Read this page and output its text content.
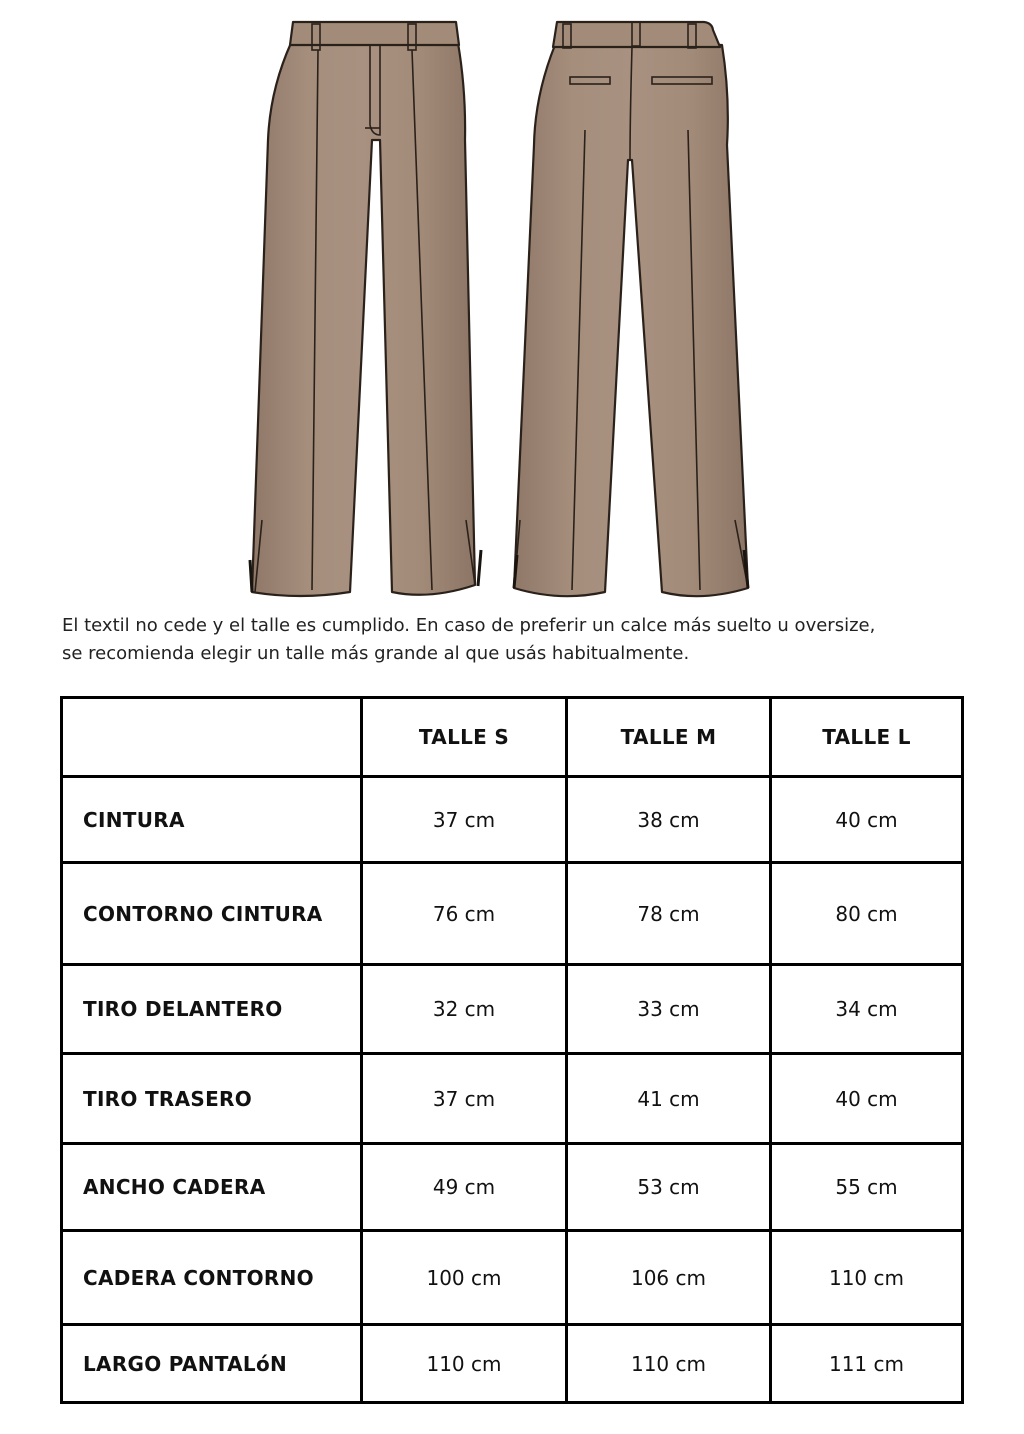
El textil no cede y el talle es cumplido. En caso de preferir un calce más suelto u oversize,

se recomienda elegir un talle más grande al que usás habitualmente.

	TALLE S	TALLE M	TALLE L
CINTURA	37 cm	38 cm	40 cm
CONTORNO CINTURA	76 cm	78 cm	80 cm
TIRO DELANTERO	32 cm	33 cm	34 cm
TIRO TRASERO	37 cm	41 cm	40 cm
ANCHO CADERA	49 cm	53 cm	55 cm
CADERA CONTORNO	100 cm	106 cm	110 cm
LARGO PANTALóN	110 cm	110 cm	111 cm
